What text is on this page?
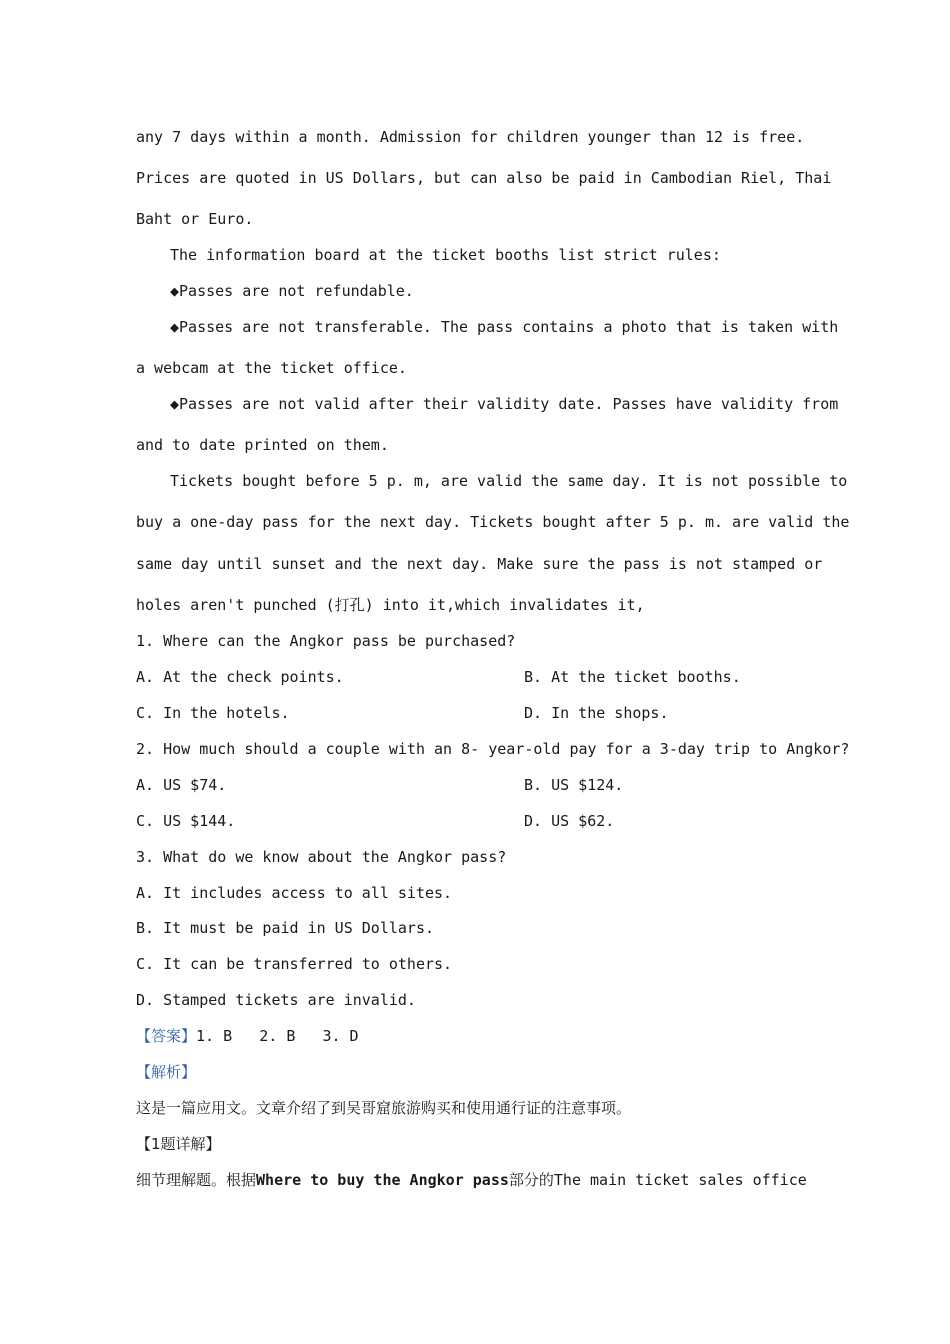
any 7 days within a month. Admission for children younger than 12 is free.
Prices are quoted in US Dollars, but can also be paid in Cambodian Riel, Thai
Baht or Euro.
The information board at the ticket booths list strict rules:
◆Passes are not refundable.
◆Passes are not transferable. The pass contains a photo that is taken with
a webcam at the ticket office.
◆Passes are not valid after their validity date. Passes have validity from
and to date printed on them.
Tickets bought before 5 p. m, are valid the same day. It is not possible to
buy a one-day pass for the next day. Tickets bought after 5 p. m. are valid the
same day until sunset and the next day. Make sure the pass is not stamped or
holes aren't punched (打孔) into it,which invalidates it,
1. Where can the Angkor pass be purchased?
A. At the check points.	B. At the ticket booths.
C. In the hotels.	D. In the shops.
2. How much should a couple with an 8- year-old pay for a 3-day trip to Angkor?
A. US $74.	B. US $124.
C. US $144.	D. US $62.
3. What do we know about the Angkor pass?
A. It includes access to all sites.
B. It must be paid in US Dollars.
C. It can be transferred to others.
D. Stamped tickets are invalid.
【答案】1. B   2. B   3. D
【解析】
这是一篇应用文。文章介绍了到吴哥窟旅游购买和使用通行证的注意事项。
【1题详解】
细节理解题。根据Where to buy the Angkor pass部分的The main ticket sales office
